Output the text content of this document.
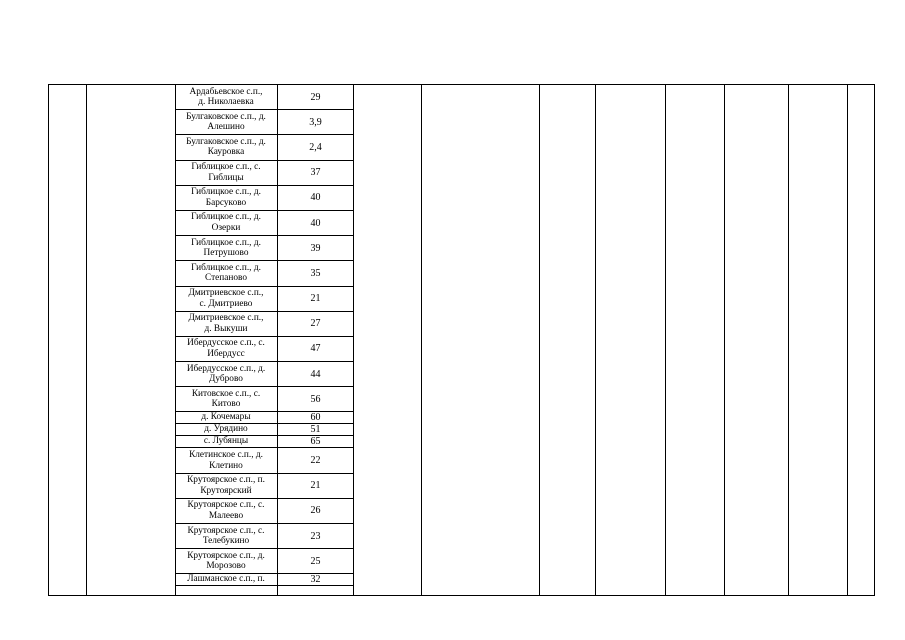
Ардабьевское с.п.,
д. Николаевка	29
Булгаковское с.п., д.
Алешино	3,9
Булгаковское с.п., д.
Кауровка	2,4
Гиблицкое с.п., с.
Гиблицы	37
Гиблицкое с.п., д.
Барсуково	40
Гиблицкое с.п., д.
Озерки	40
Гиблицкое с.п., д.
Петрушово	39
Гиблицкое с.п., д.
Степаново	35
Дмитриевское с.п.,
с. Дмитриево	21
Дмитриевское с.п.,
д. Выкуши	27
Ибердусское с.п., с.
Ибердусс	47
Ибердусское с.п., д.
Дуброво	44
Китовское с.п., с.
Китово	56
д. Кочемары	60
д. Урядино	51
с. Лубянцы	65
Клетинское с.п., д.
Клетино	22
Крутоярское с.п., п.
Крутоярский	21
Крутоярское с.п., с.
Малеево	26
Крутоярское с.п., с.
Телебукино	23
Крутоярское с.п., д.
Морозово	25
Лашманское с.п., п.	32
